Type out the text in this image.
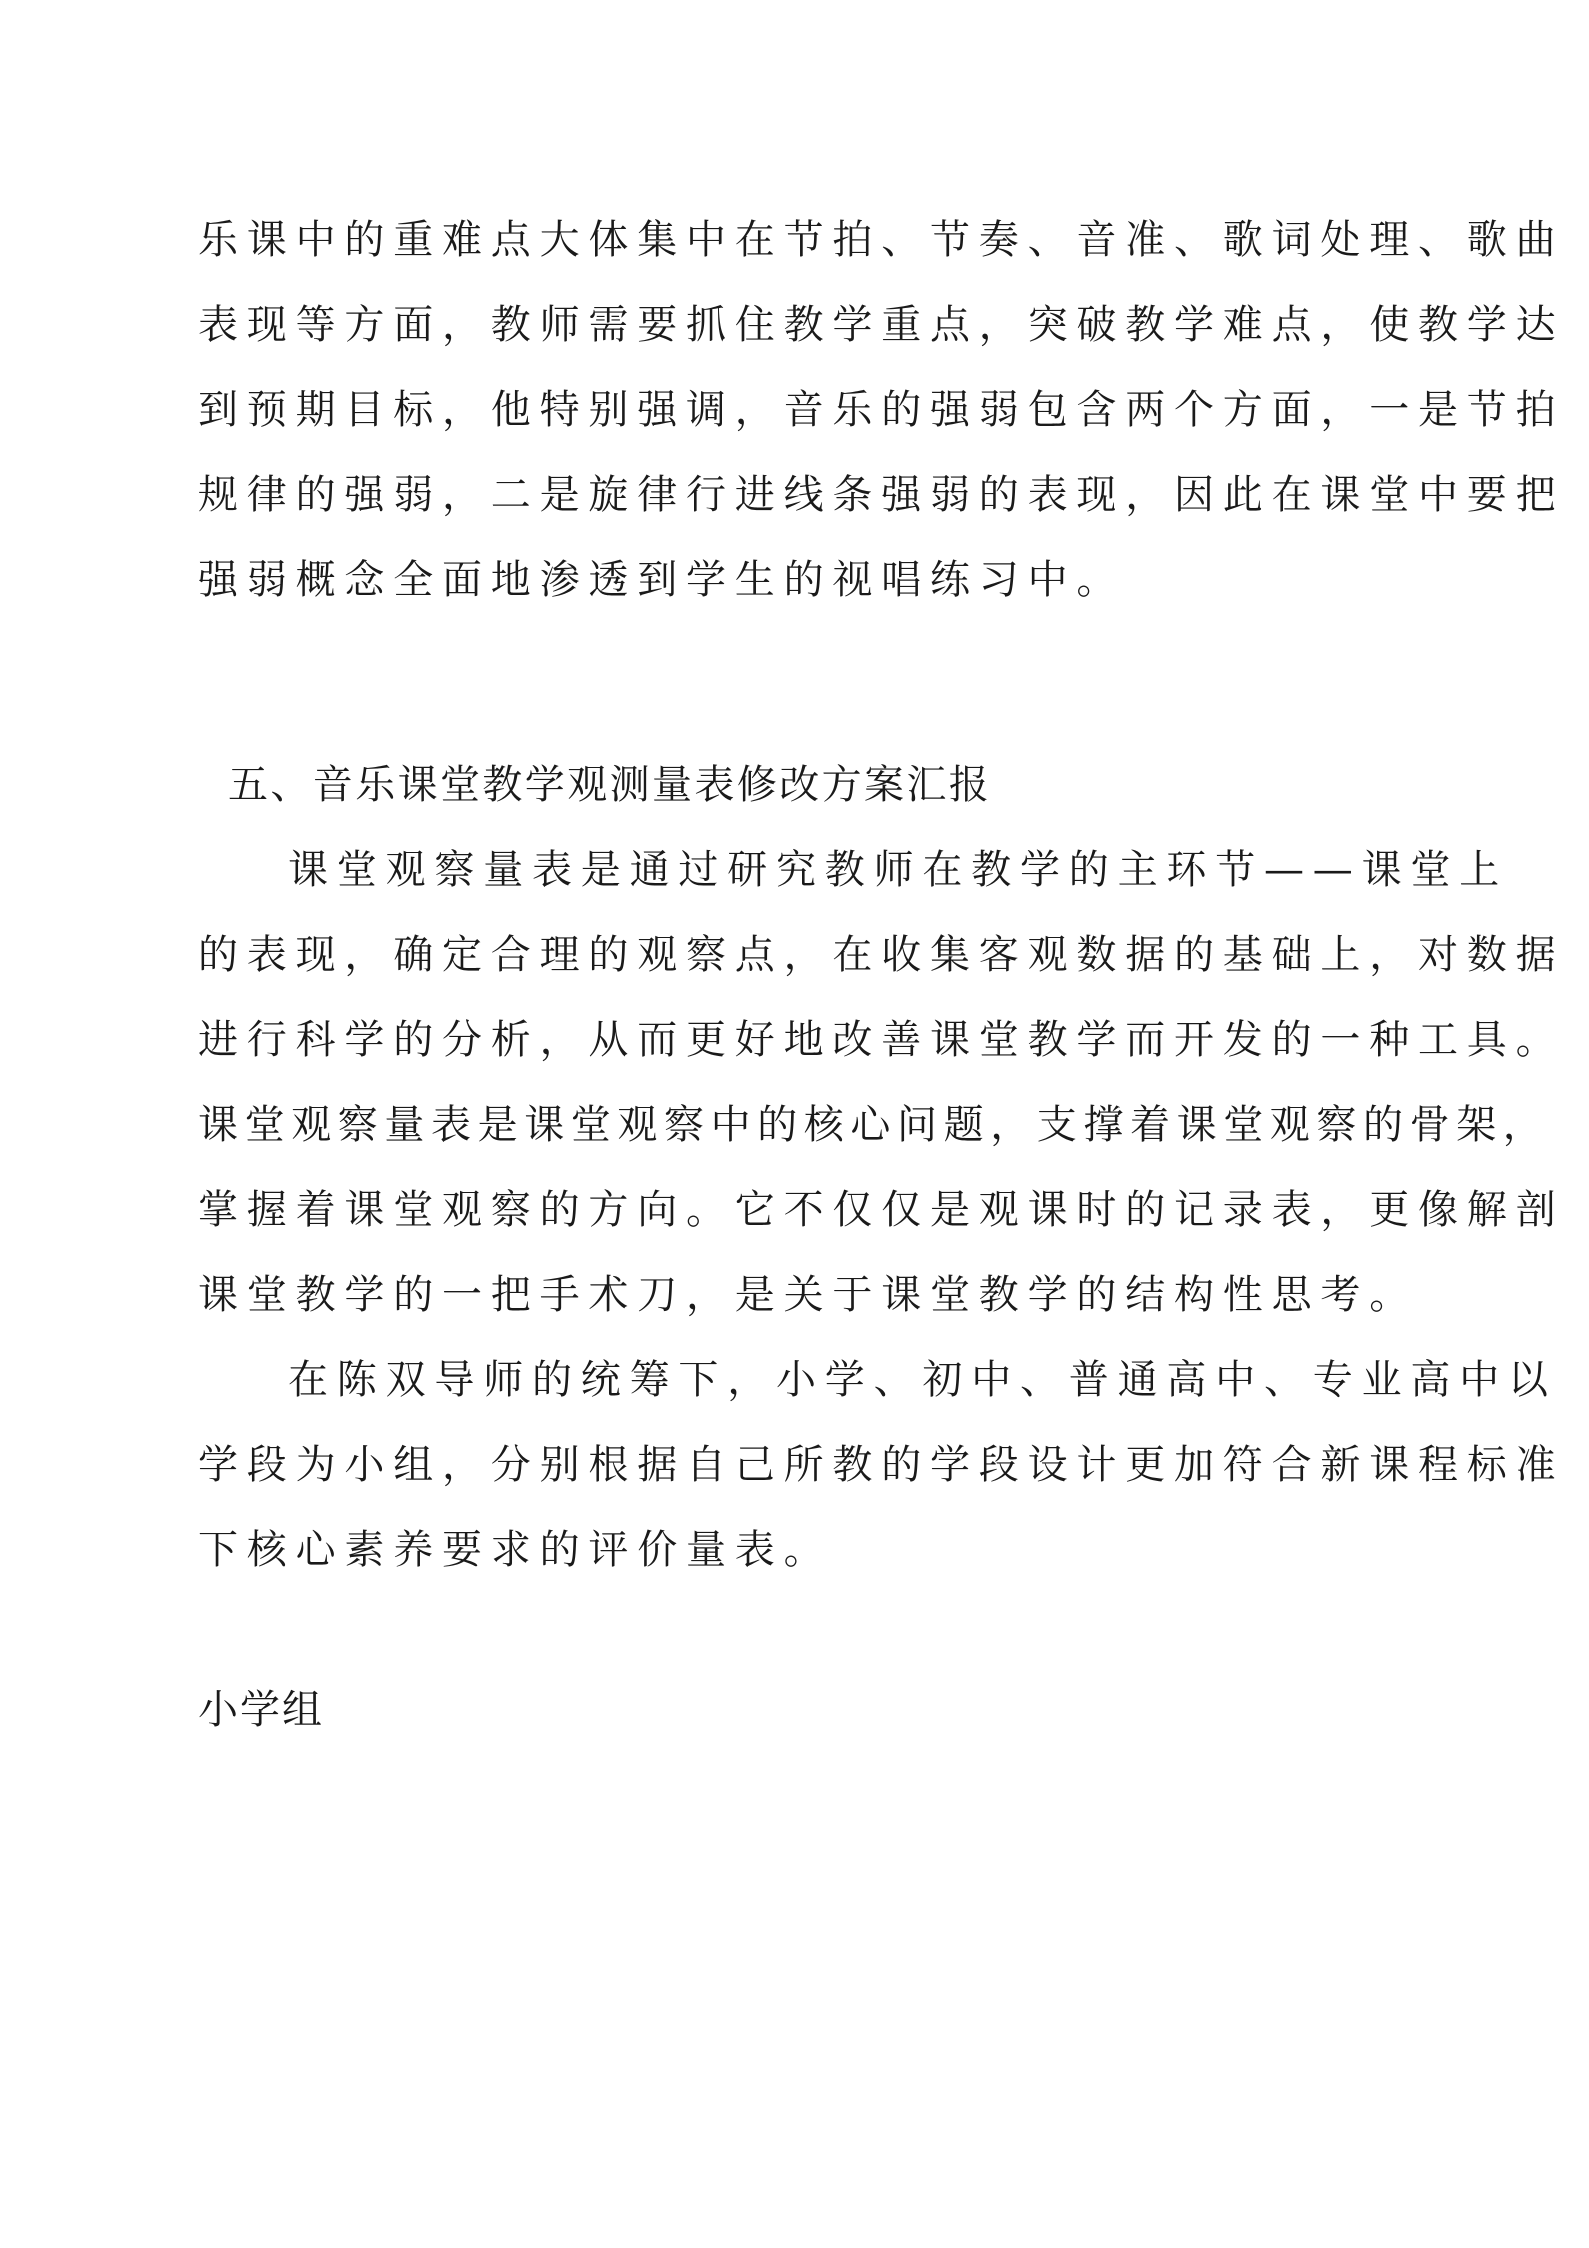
乐课中的重难点大体集中在节拍、节奏、音准、歌词处理、歌曲
表现等方面，教师需要抓住教学重点，突破教学难点，使教学达
到预期目标，他特别强调，音乐的强弱包含两个方面，一是节拍
规律的强弱，二是旋律行进线条强弱的表现，因此在课堂中要把
强弱概念全面地渗透到学生的视唱练习中。
五、音乐课堂教学观测量表修改方案汇报
课堂观察量表是通过研究教师在教学的主环节——课堂上
的表现，确定合理的观察点，在收集客观数据的基础上，对数据
进行科学的分析，从而更好地改善课堂教学而开发的一种工具。
课堂观察量表是课堂观察中的核心问题，支撑着课堂观察的骨架，
掌握着课堂观察的方向。它不仅仅是观课时的记录表，更像解剖
课堂教学的一把手术刀，是关于课堂教学的结构性思考。
在陈双导师的统筹下，小学、初中、普通高中、专业高中以
学段为小组，分别根据自己所教的学段设计更加符合新课程标准
下核心素养要求的评价量表。
小学组
